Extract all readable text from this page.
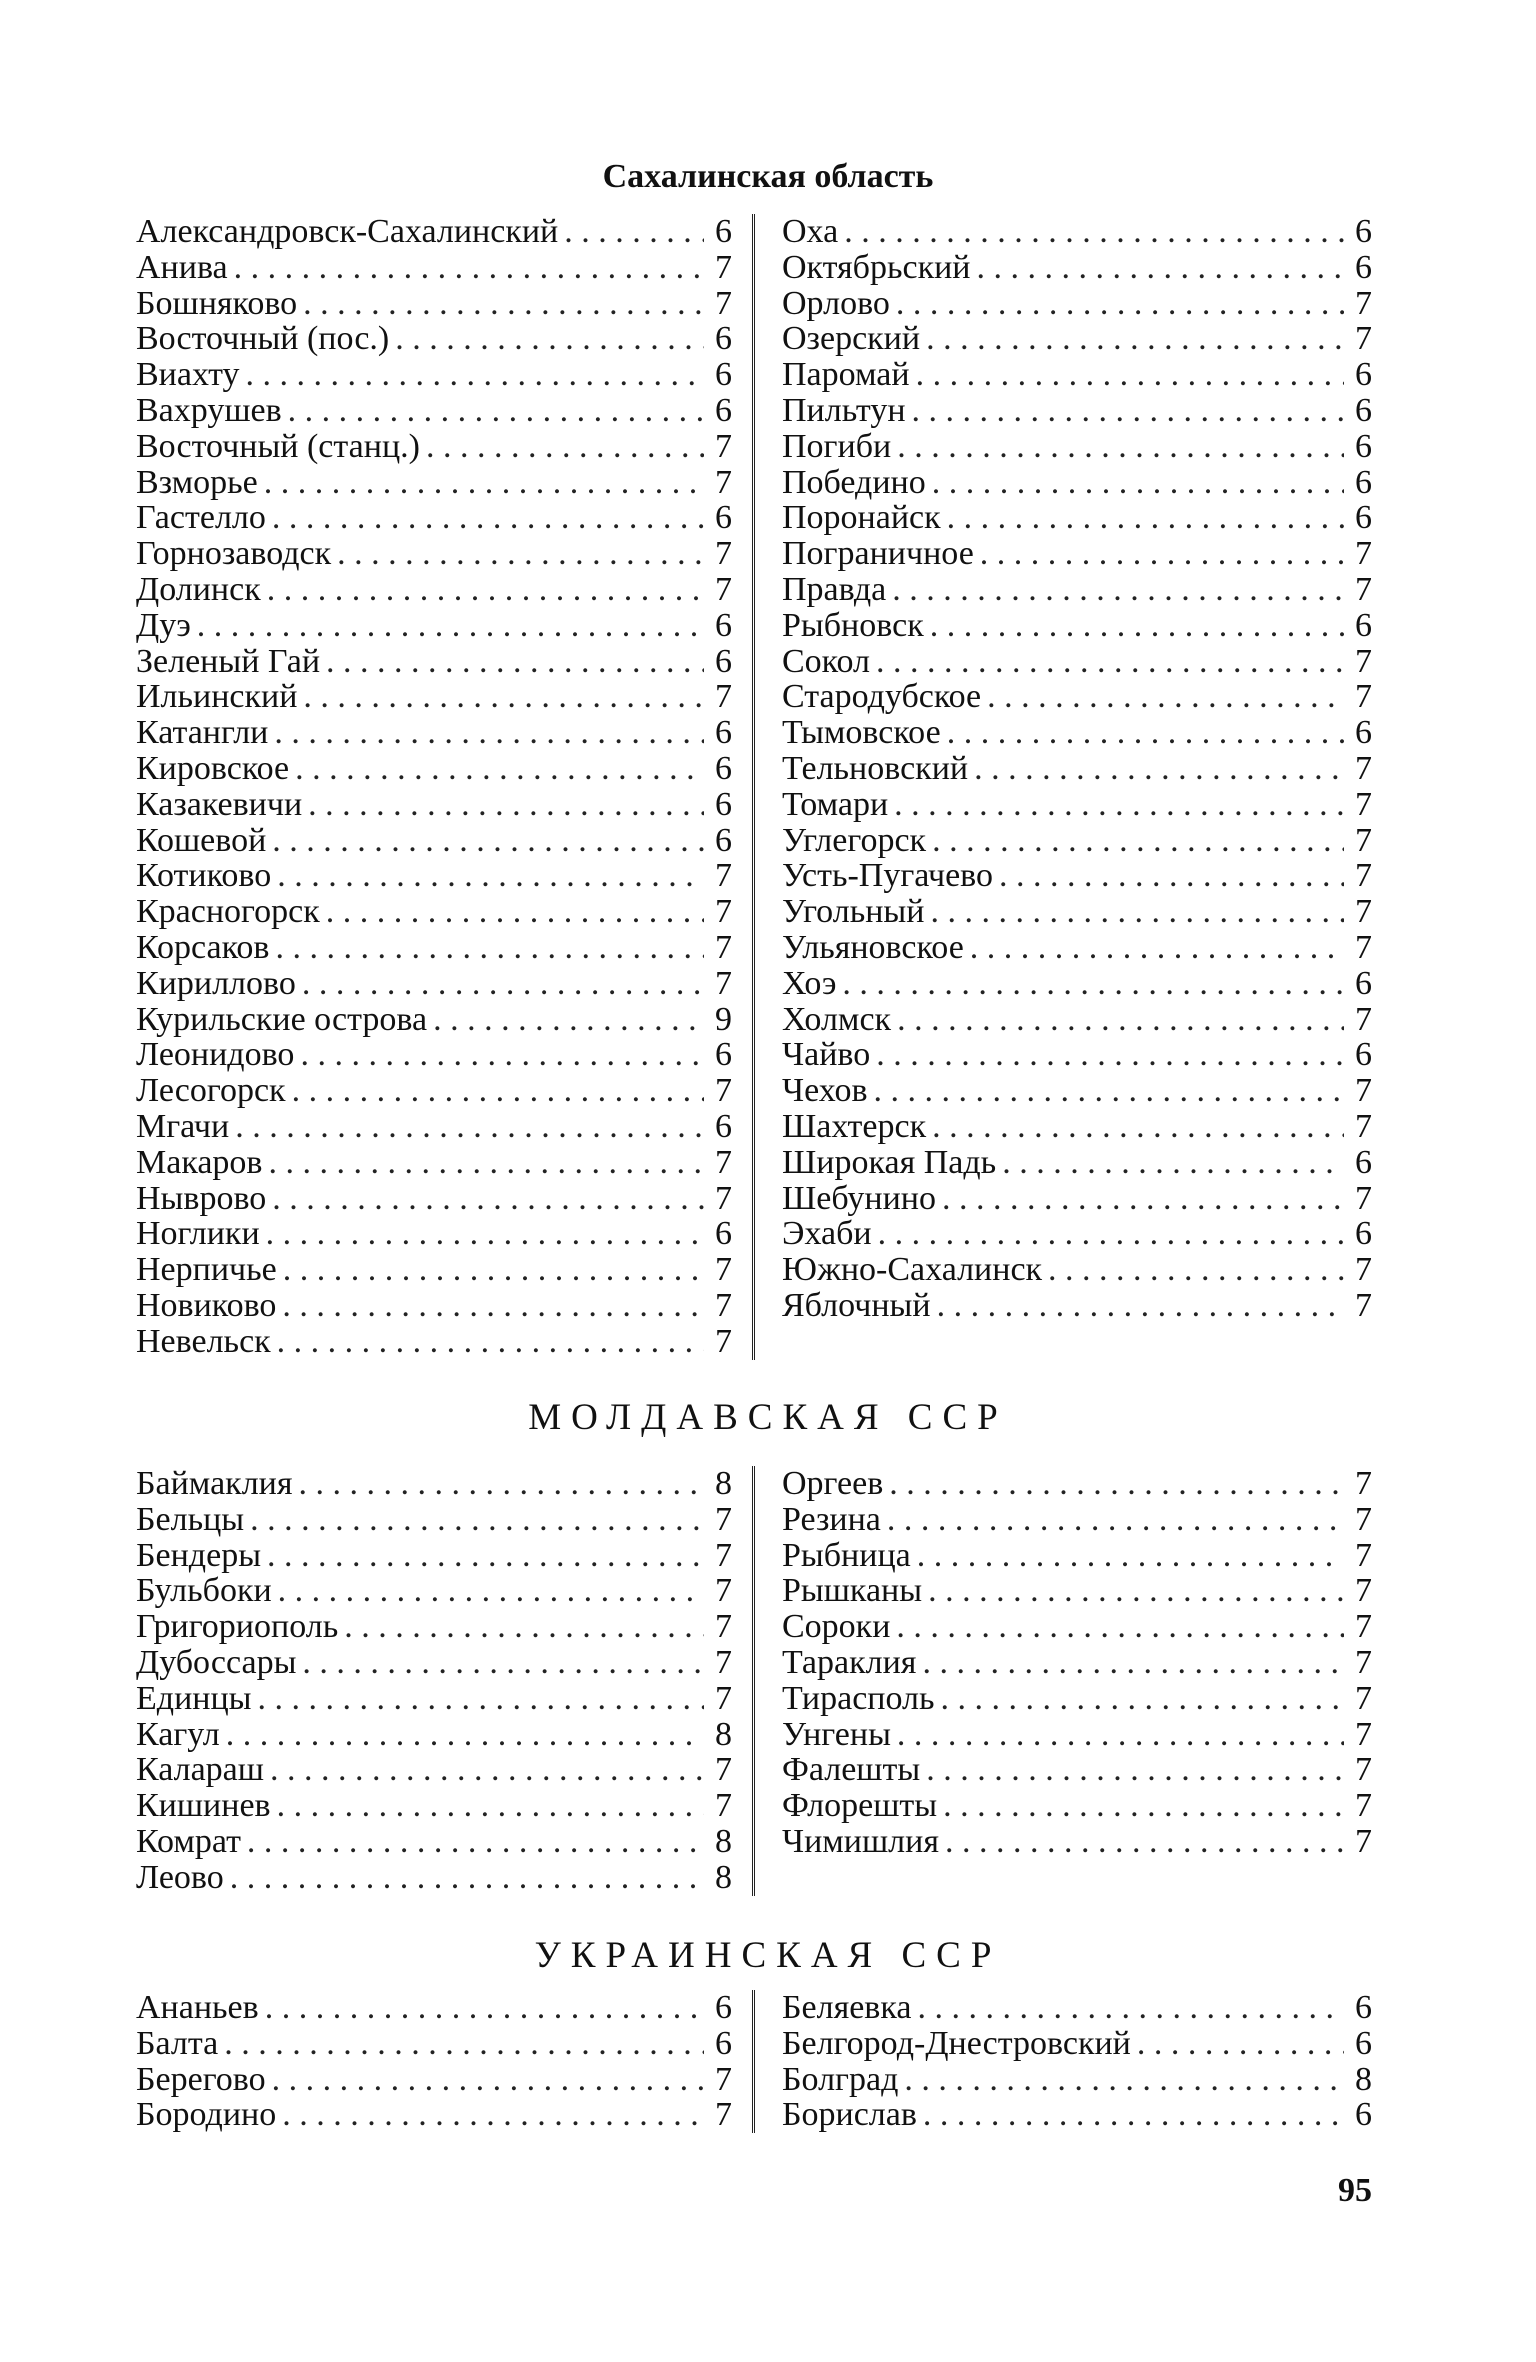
Сахалинская область
Александровск-Сахалинский . . .	6
Анива . . .	7
Бошняково . . .	7
Восточный (пос.) . . .	6
Виахту . . .	6
Вахрушев . . .	6
Восточный (станц.) . . .	7
Взморье . . .	7
Гастелло . . .	6
Горнозаводск . . .	7
Долинск . . .	7
Дуэ . . .	6
Зеленый Гай . . .	6
Ильинский . . .	7
Катангли . . .	6
Кировское . . .	6
Казакевичи . . .	6
Кошевой . . .	6
Котиково . . .	7
Красногорск . . .	7
Корсаков . . .	7
Кириллово . . .	7
Курильские острова . . .	9
Леонидово . . .	6
Лесогорск . . .	7
Мгачи . . .	6
Макаров . . .	7
Ныврово . . .	7
Ноглики . . .	6
Нерпичье . . .	7
Новиково . . .	7
Невельск . . .	7
Оха . . .	6
Октябрьский . . .	6
Орлово . . .	7
Озерский . . .	7
Паромай . . .	6
Пильтун . . .	6
Погиби . . .	6
Победино . . .	6
Поронайск . . .	6
Пограничное . . .	7
Правда . . .	7
Рыбновск . . .	6
Сокол . . .	7
Стародубское . . .	7
Тымовское . . .	6
Тельновский . . .	7
Томари . . .	7
Углегорск . . .	7
Усть-Пугачево . . .	7
Угольный . . .	7
Ульяновское . . .	7
Хоэ . . .	6
Холмск . . .	7
Чайво . . .	6
Чехов . . .	7
Шахтерск . . .	7
Широкая Падь . . .	6
Шебунино . . .	7
Эхаби . . .	6
Южно-Сахалинск . . .	7
Яблочный . . .	7
МОЛДАВСКАЯ ССР
Баймаклия . . .	8
Бельцы . . .	7
Бендеры . . .	7
Бульбоки . . .	7
Григориополь . . .	7
Дубоссары . . .	7
Единцы . . .	7
Кагул . . .	8
Калараш . . .	7
Кишинев . . .	7
Комрат . . .	8
Леово . . .	8
Оргеев . . .	7
Резина . . .	7
Рыбница . . .	7
Рышканы . . .	7
Сороки . . .	7
Тараклия . . .	7
Тирасполь . . .	7
Унгены . . .	7
Фалешты . . .	7
Флорешты . . .	7
Чимишлия . . .	7
УКРАИНСКАЯ ССР
Ананьев . . .	6
Балта . . .	6
Берегово . . .	7
Бородино . . .	7
Беляевка . . .	6
Белгород-Днестровский . . .	6
Болград . . .	8
Борислав . . .	6
95
